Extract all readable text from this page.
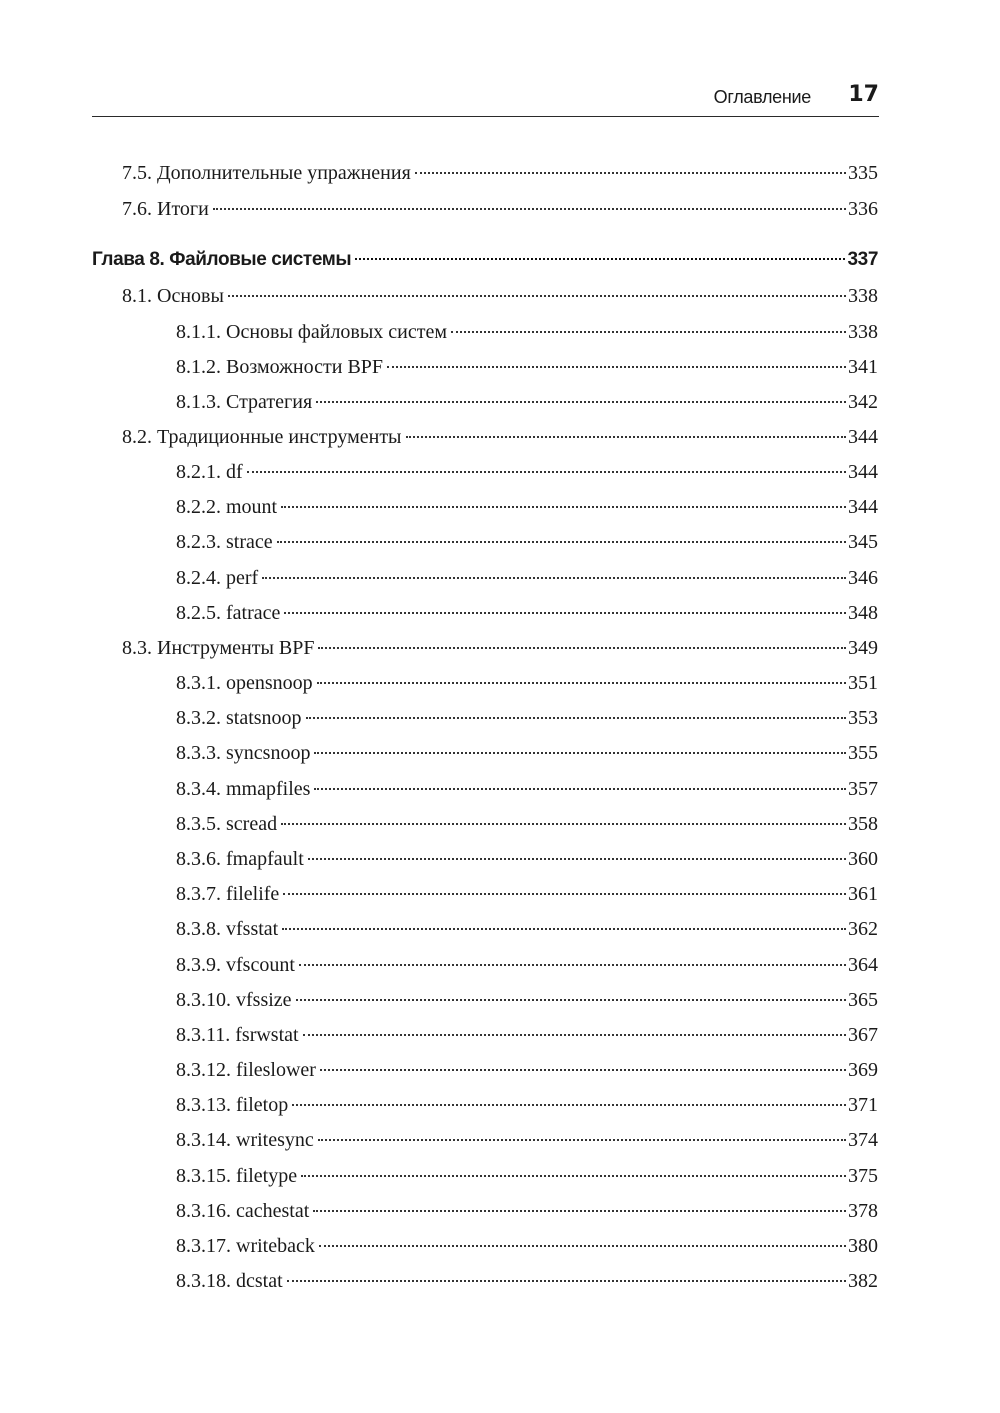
Оглавление 17
7.5. Дополнительные упражнения	335
7.6. Итоги	336
Глава 8. Файловые системы	337
8.1. Основы	338
8.1.1. Основы файловых систем	338
8.1.2. Возможности BPF	341
8.1.3. Стратегия	342
8.2. Традиционные инструменты	344
8.2.1. df	344
8.2.2. mount	344
8.2.3. strace	345
8.2.4. perf	346
8.2.5. fatrace	348
8.3. Инструменты BPF	349
8.3.1. opensnoop	351
8.3.2. statsnoop	353
8.3.3. syncsnoop	355
8.3.4. mmapfiles	357
8.3.5. scread	358
8.3.6. fmapfault	360
8.3.7. filelife	361
8.3.8. vfsstat	362
8.3.9. vfscount	364
8.3.10. vfssize	365
8.3.11. fsrwstat	367
8.3.12. fileslower	369
8.3.13. filetop	371
8.3.14. writesync	374
8.3.15. filetype	375
8.3.16. cachestat	378
8.3.17. writeback	380
8.3.18. dcstat	382
